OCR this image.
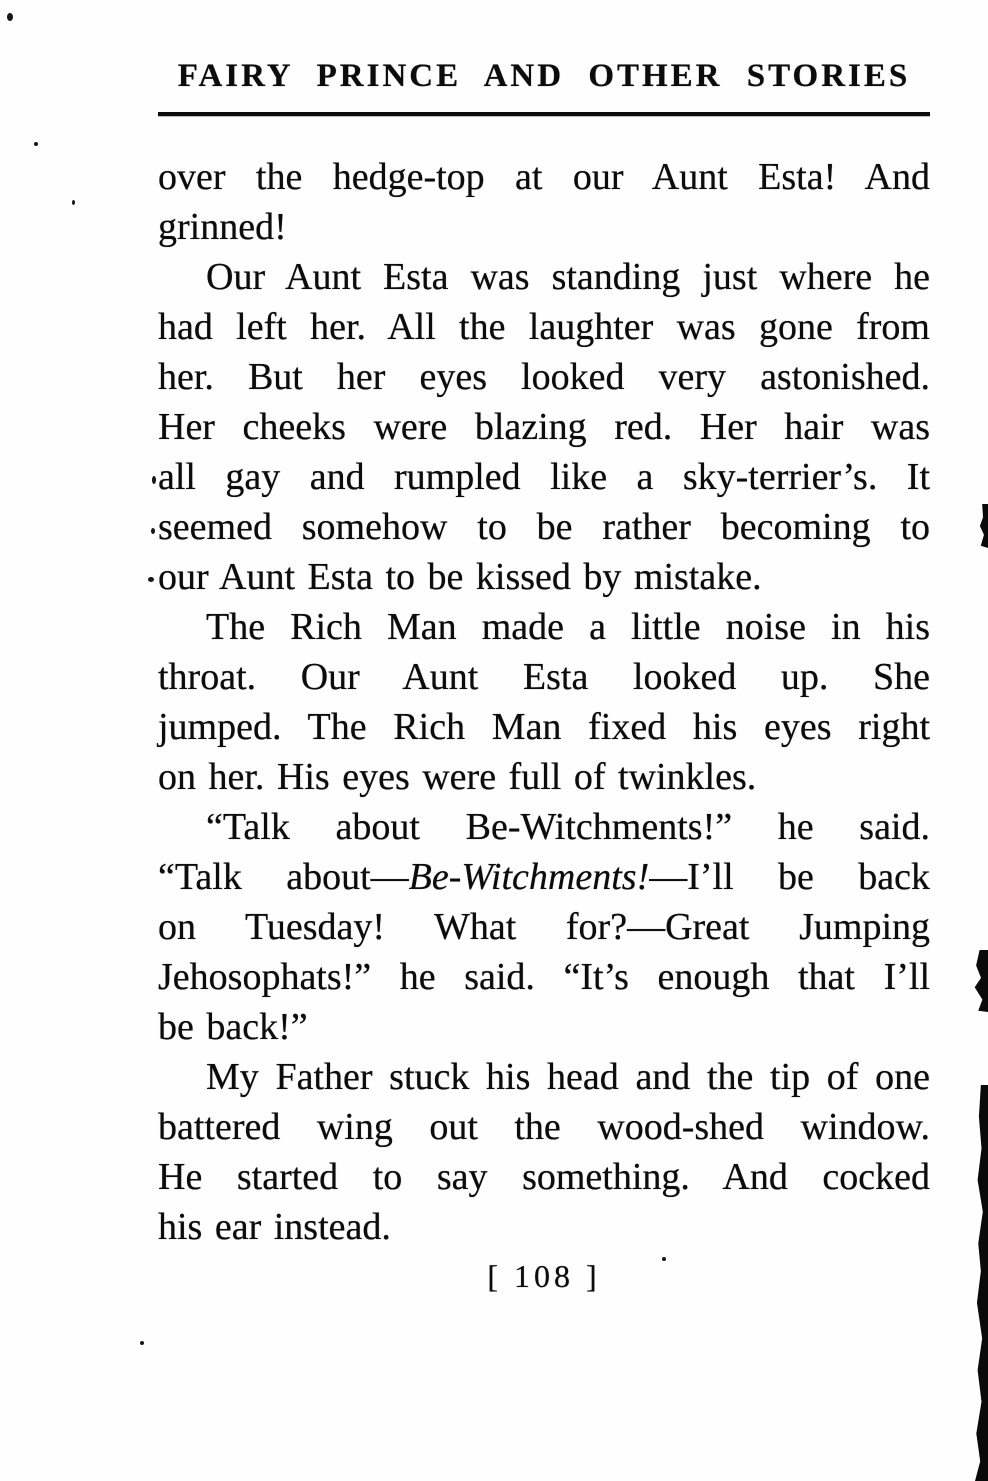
FAIRY PRINCE AND OTHER STORIES
over the hedge-top at our Aunt Esta! And
grinned!
Our Aunt Esta was standing just where he
had left her. All the laughter was gone from
her. But her eyes looked very astonished.
Her cheeks were blazing red. Her hair was
all gay and rumpled like a sky-terrier’s. It
seemed somehow to be rather becoming to
our Aunt Esta to be kissed by mistake.
The Rich Man made a little noise in his
throat. Our Aunt Esta looked up. She
jumped. The Rich Man fixed his eyes right
on her. His eyes were full of twinkles.
“Talk about Be-Witchments!” he said.
“Talk about—Be-Witchments!—I’ll be back
on Tuesday! What for?—Great Jumping
Jehosophats!” he said. “It’s enough that I’ll
be back!”
My Father stuck his head and the tip of one
battered wing out the wood-shed window.
He started to say something. And cocked
his ear instead.
[ 108 ]
